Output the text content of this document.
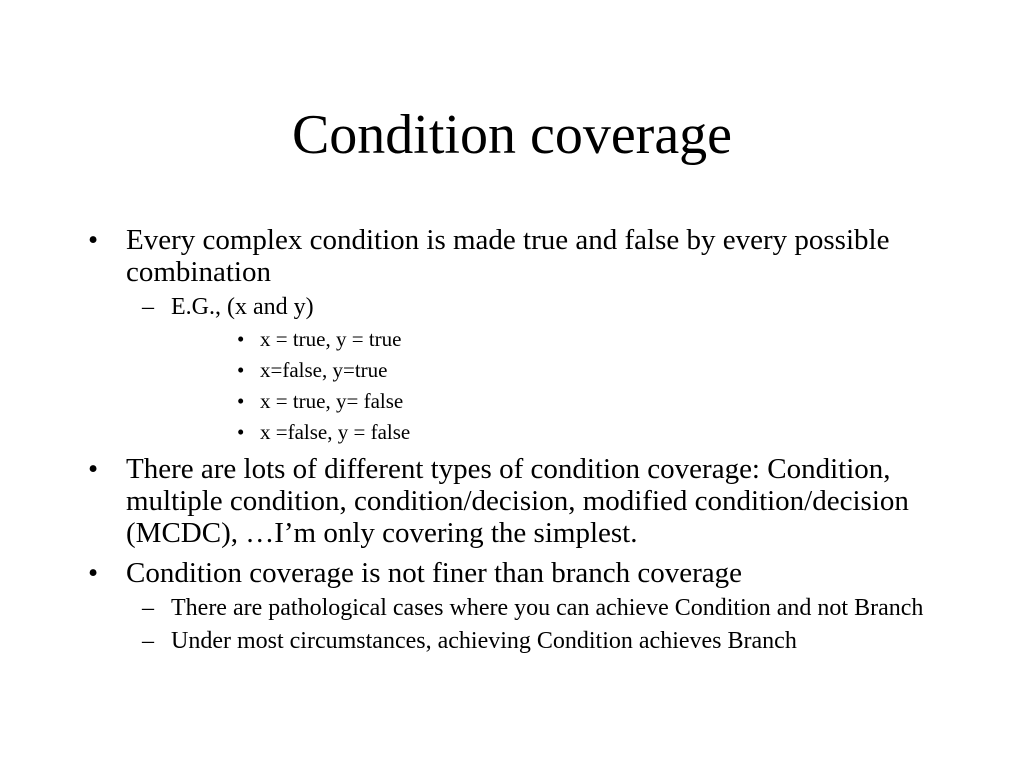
Condition coverage
• Every complex condition is made true and false by every possible combination
– E.G., (x and y)
• x = true, y = true
• x=false, y=true
• x = true, y= false
• x =false, y = false
• There are lots of different types of condition coverage: Condition, multiple condition, condition/decision, modified condition/decision (MCDC), …I’m only covering the simplest.
• Condition coverage is not finer than branch coverage
– There are pathological cases where you can achieve Condition and not Branch
– Under most circumstances, achieving Condition achieves Branch
